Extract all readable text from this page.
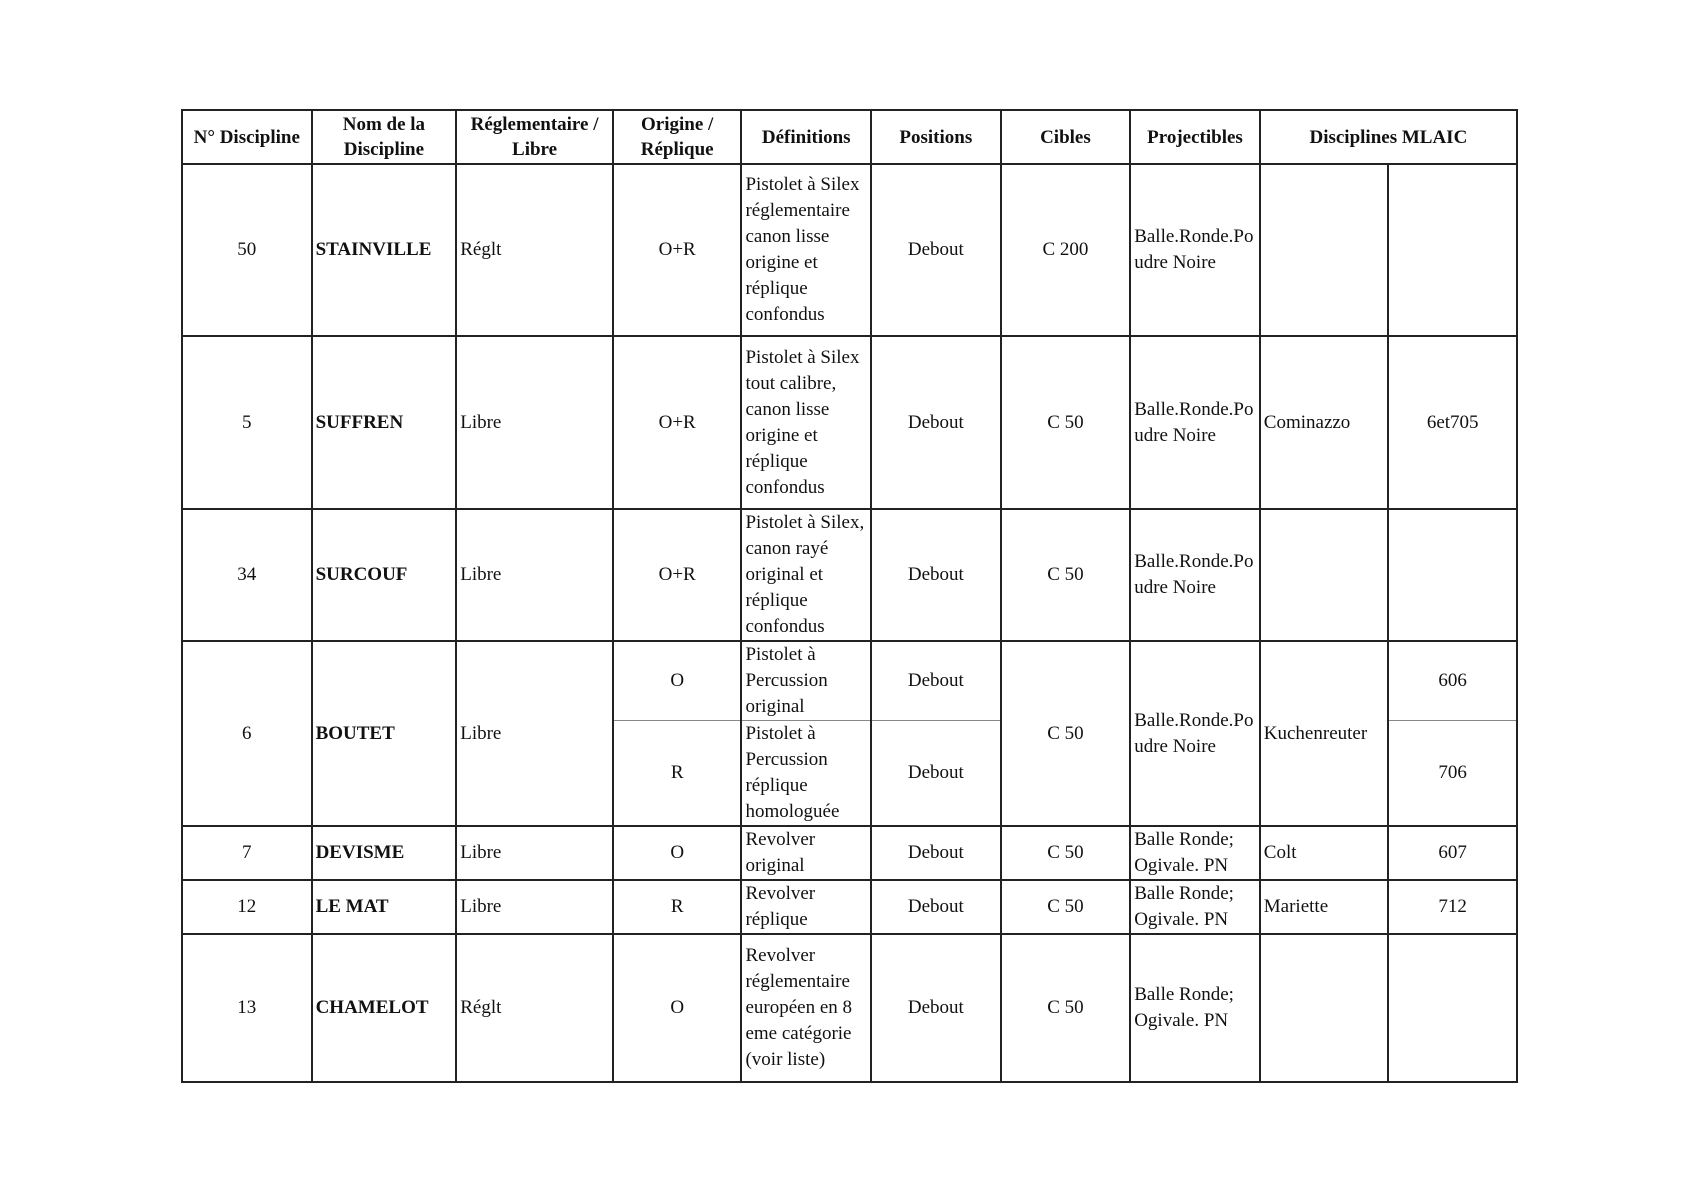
N° Discipline	Nom de la Discipline	Réglementaire / Libre	Origine / Réplique	Définitions	Positions	Cibles	Projectibles	Disciplines MLAIC	
50	STAINVILLE	Réglt	O+R	Pistolet à Silex réglementaire canon lisse origine et réplique confondus	Debout	C 200	Balle.Ronde.Poudre Noire		
5	SUFFREN	Libre	O+R	Pistolet à Silex tout calibre, canon lisse origine et réplique confondus	Debout	C 50	Balle.Ronde.Poudre Noire	Cominazzo	6et705
34	SURCOUF	Libre	O+R	Pistolet à Silex, canon rayé original et réplique confondus	Debout	C 50	Balle.Ronde.Poudre Noire		
6	BOUTET	Libre	O	Pistolet à Percussion original	Debout	C 50	Balle.Ronde.Poudre Noire	Kuchenreuter	606
			R	Pistolet à Percussion réplique homologuée	Debout				706
7	DEVISME	Libre	O	Revolver original	Debout	C 50	Balle Ronde; Ogivale. PN	Colt	607
12	LE MAT	Libre	R	Revolver réplique	Debout	C 50	Balle Ronde; Ogivale. PN	Mariette	712
13	CHAMELOT	Réglt	O	Revolver réglementaire européen en 8 eme catégorie (voir liste)	Debout	C 50	Balle Ronde; Ogivale. PN		
